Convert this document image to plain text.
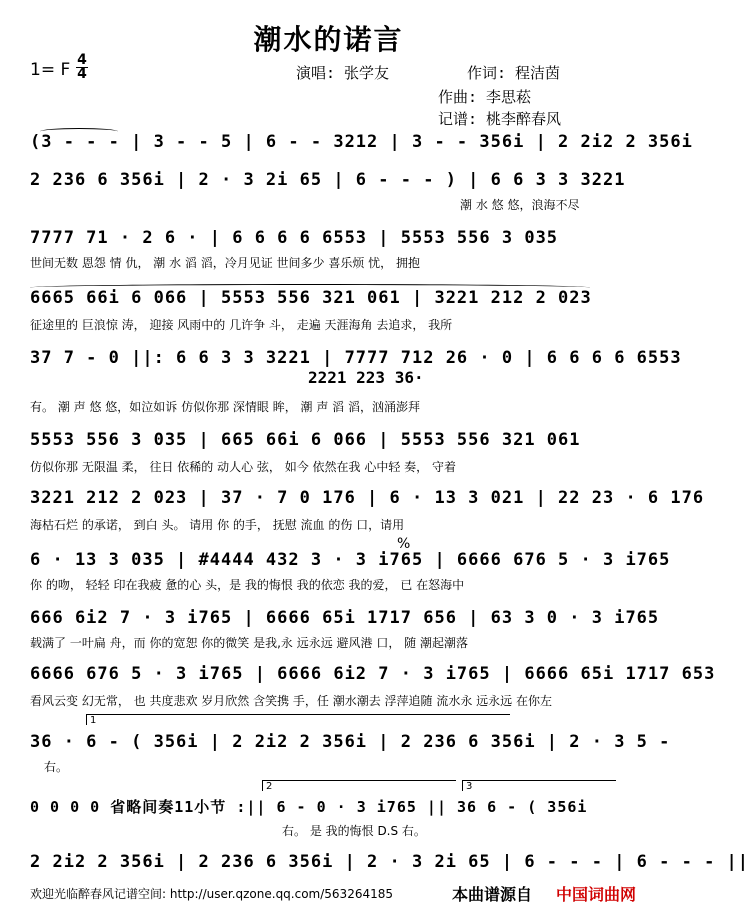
潮水的诺言
1= F 4
4	演唱: 张学友	作词: 程洁茵
作曲: 李思菘
记谱: 桃李醉春风
(3 - - - | 3 - - 5 | 6 - - 3212 | 3 - - 356i | 2 2i2 2 356i
2 236 6 356i | 2 · 3 2i 65 | 6 - - - ) | 6 6 3 3 3221
潮 水 悠 悠，浪海不尽
7777 71 · 2 6 · | 6 6 6 6 6553 | 5553 556 3 035
世间无数 恩怨 情 仇， 潮 水 滔 滔，冷月见证 世间多少 喜乐烦 忧， 拥抱
6665 66i 6 066 | 5553 556 321 061 | 3221 212 2 023
征途里的 巨浪惊 涛， 迎接 风雨中的 几许争 斗， 走遍 天涯海角 去追求， 我所
37 7 - 0 ||: 6 6 3 3 3221 | 7777 712 26 · 0 | 6 6 6 6 6553
2221 223 36·
有。 潮 声 悠 悠，如泣如诉 仿似你那 深情眼 眸， 潮 声 滔 滔，汹涌澎拜
5553 556 3 035 | 665 66i 6 066 | 5553 556 321 061
仿似你那 无限温 柔， 往日 依稀的 动人心 弦， 如今 依然在我 心中轻 奏， 守着
3221 212 2 023 | 37 · 7 0 176 | 6 · 13 3 021 | 22 23 · 6 176
海枯石烂 的承诺， 到白 头。 请用 你 的手， 抚慰 流血 的伤 口，请用
%
6 · 13 3 035 | #4444 432 3 · 3 i765 | 6666 676 5 · 3 i765
你 的吻， 轻轻 印在我疲 惫的心 头，是 我的悔恨 我的依恋 我的爱， 已 在怒海中
666 6i2 7 · 3 i765 | 6666 65i 1717 656 | 63 3 0 · 3 i765
载满了 一叶扁 舟，而 你的宽恕 你的微笑 是我,永 远永远 避风港 口， 随 潮起潮落
6666 676 5 · 3 i765 | 6666 6i2 7 · 3 i765 | 6666 65i 1717 653
看风云变 幻无常， 也 共度悲欢 岁月欣然 含笑携 手，任 潮水潮去 浮萍追随 流水永 远永远 在你左
1
36 · 6 - ( 356i | 2 2i2 2 356i | 2 236 6 356i | 2 · 3 5 -
右。
2	3
0 0 0 0 省略间奏11小节 :|| 6 - 0 · 3 i765 || 36 6 - ( 356i
右。 是 我的悔恨 D.S 右。
2 2i2 2 356i | 2 236 6 356i | 2 · 3 2i 65 | 6 - - - | 6 - - - ||
欢迎光临醉春风记谱空间: http://user.qzone.qq.com/563264185	本曲谱源自 中国词曲网
